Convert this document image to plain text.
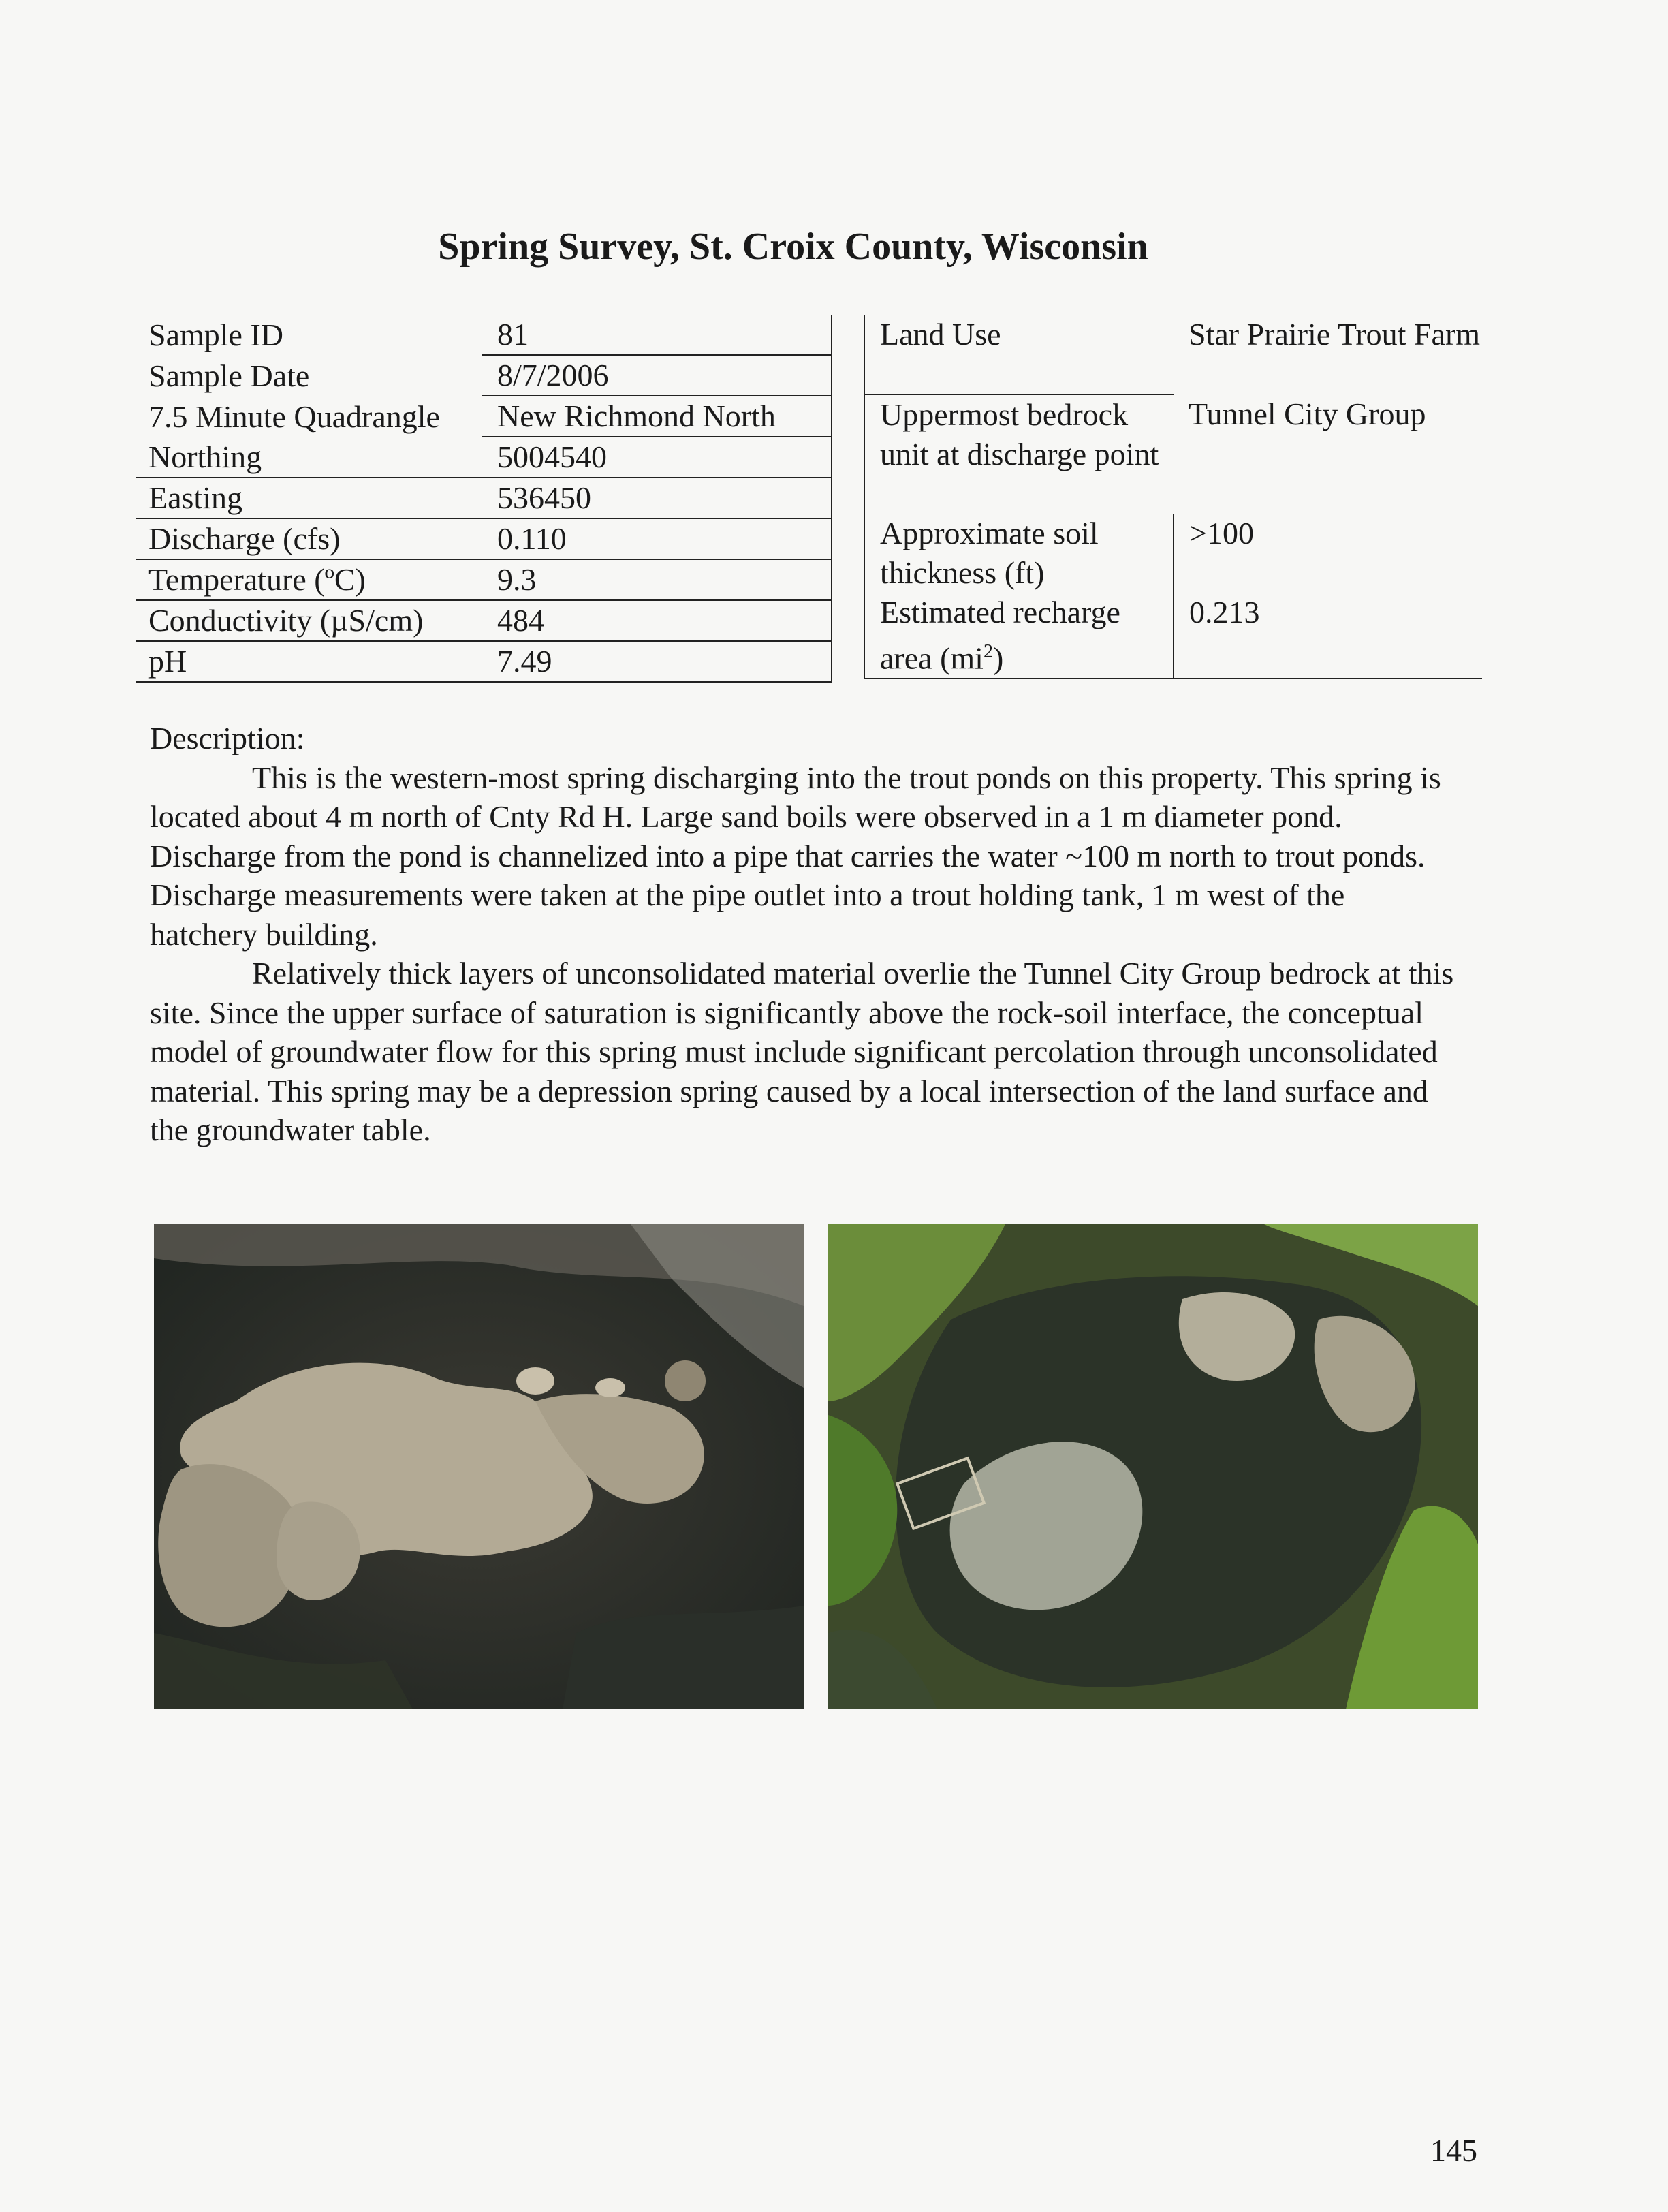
Spring Survey, St. Croix County, Wisconsin
Sample ID	81
Sample Date	8/7/2006
7.5 Minute Quadrangle	New Richmond North
Northing	5004540
Easting	536450
Discharge (cfs)	0.110
Temperature (ºC)	9.3
Conductivity (µS/cm)	484
pH	7.49
Land Use	Star Prairie Trout Farm
Uppermost bedrock unit at discharge point	Tunnel City Group
Approximate soil thickness (ft)	>100
Estimated recharge area $(mi^2)$	0.213

Description:

This is the western-most spring discharging into the trout ponds on this property. This spring is located about 4 m north of Cnty Rd H. Large sand boils were observed in a 1 m diameter pond. Discharge from the pond is channelized into a pipe that carries the water ~100 m north to trout ponds. Discharge measurements were taken at the pipe outlet into a trout holding tank, 1 m west of the hatchery building.

Relatively thick layers of unconsolidated material overlie the Tunnel City Group bedrock at this site. Since the upper surface of saturation is significantly above the rock-soil interface, the conceptual model of groundwater flow for this spring must include significant percolation through unconsolidated material. This spring may be a depression spring caused by a local intersection of the land surface and the groundwater table.

145
